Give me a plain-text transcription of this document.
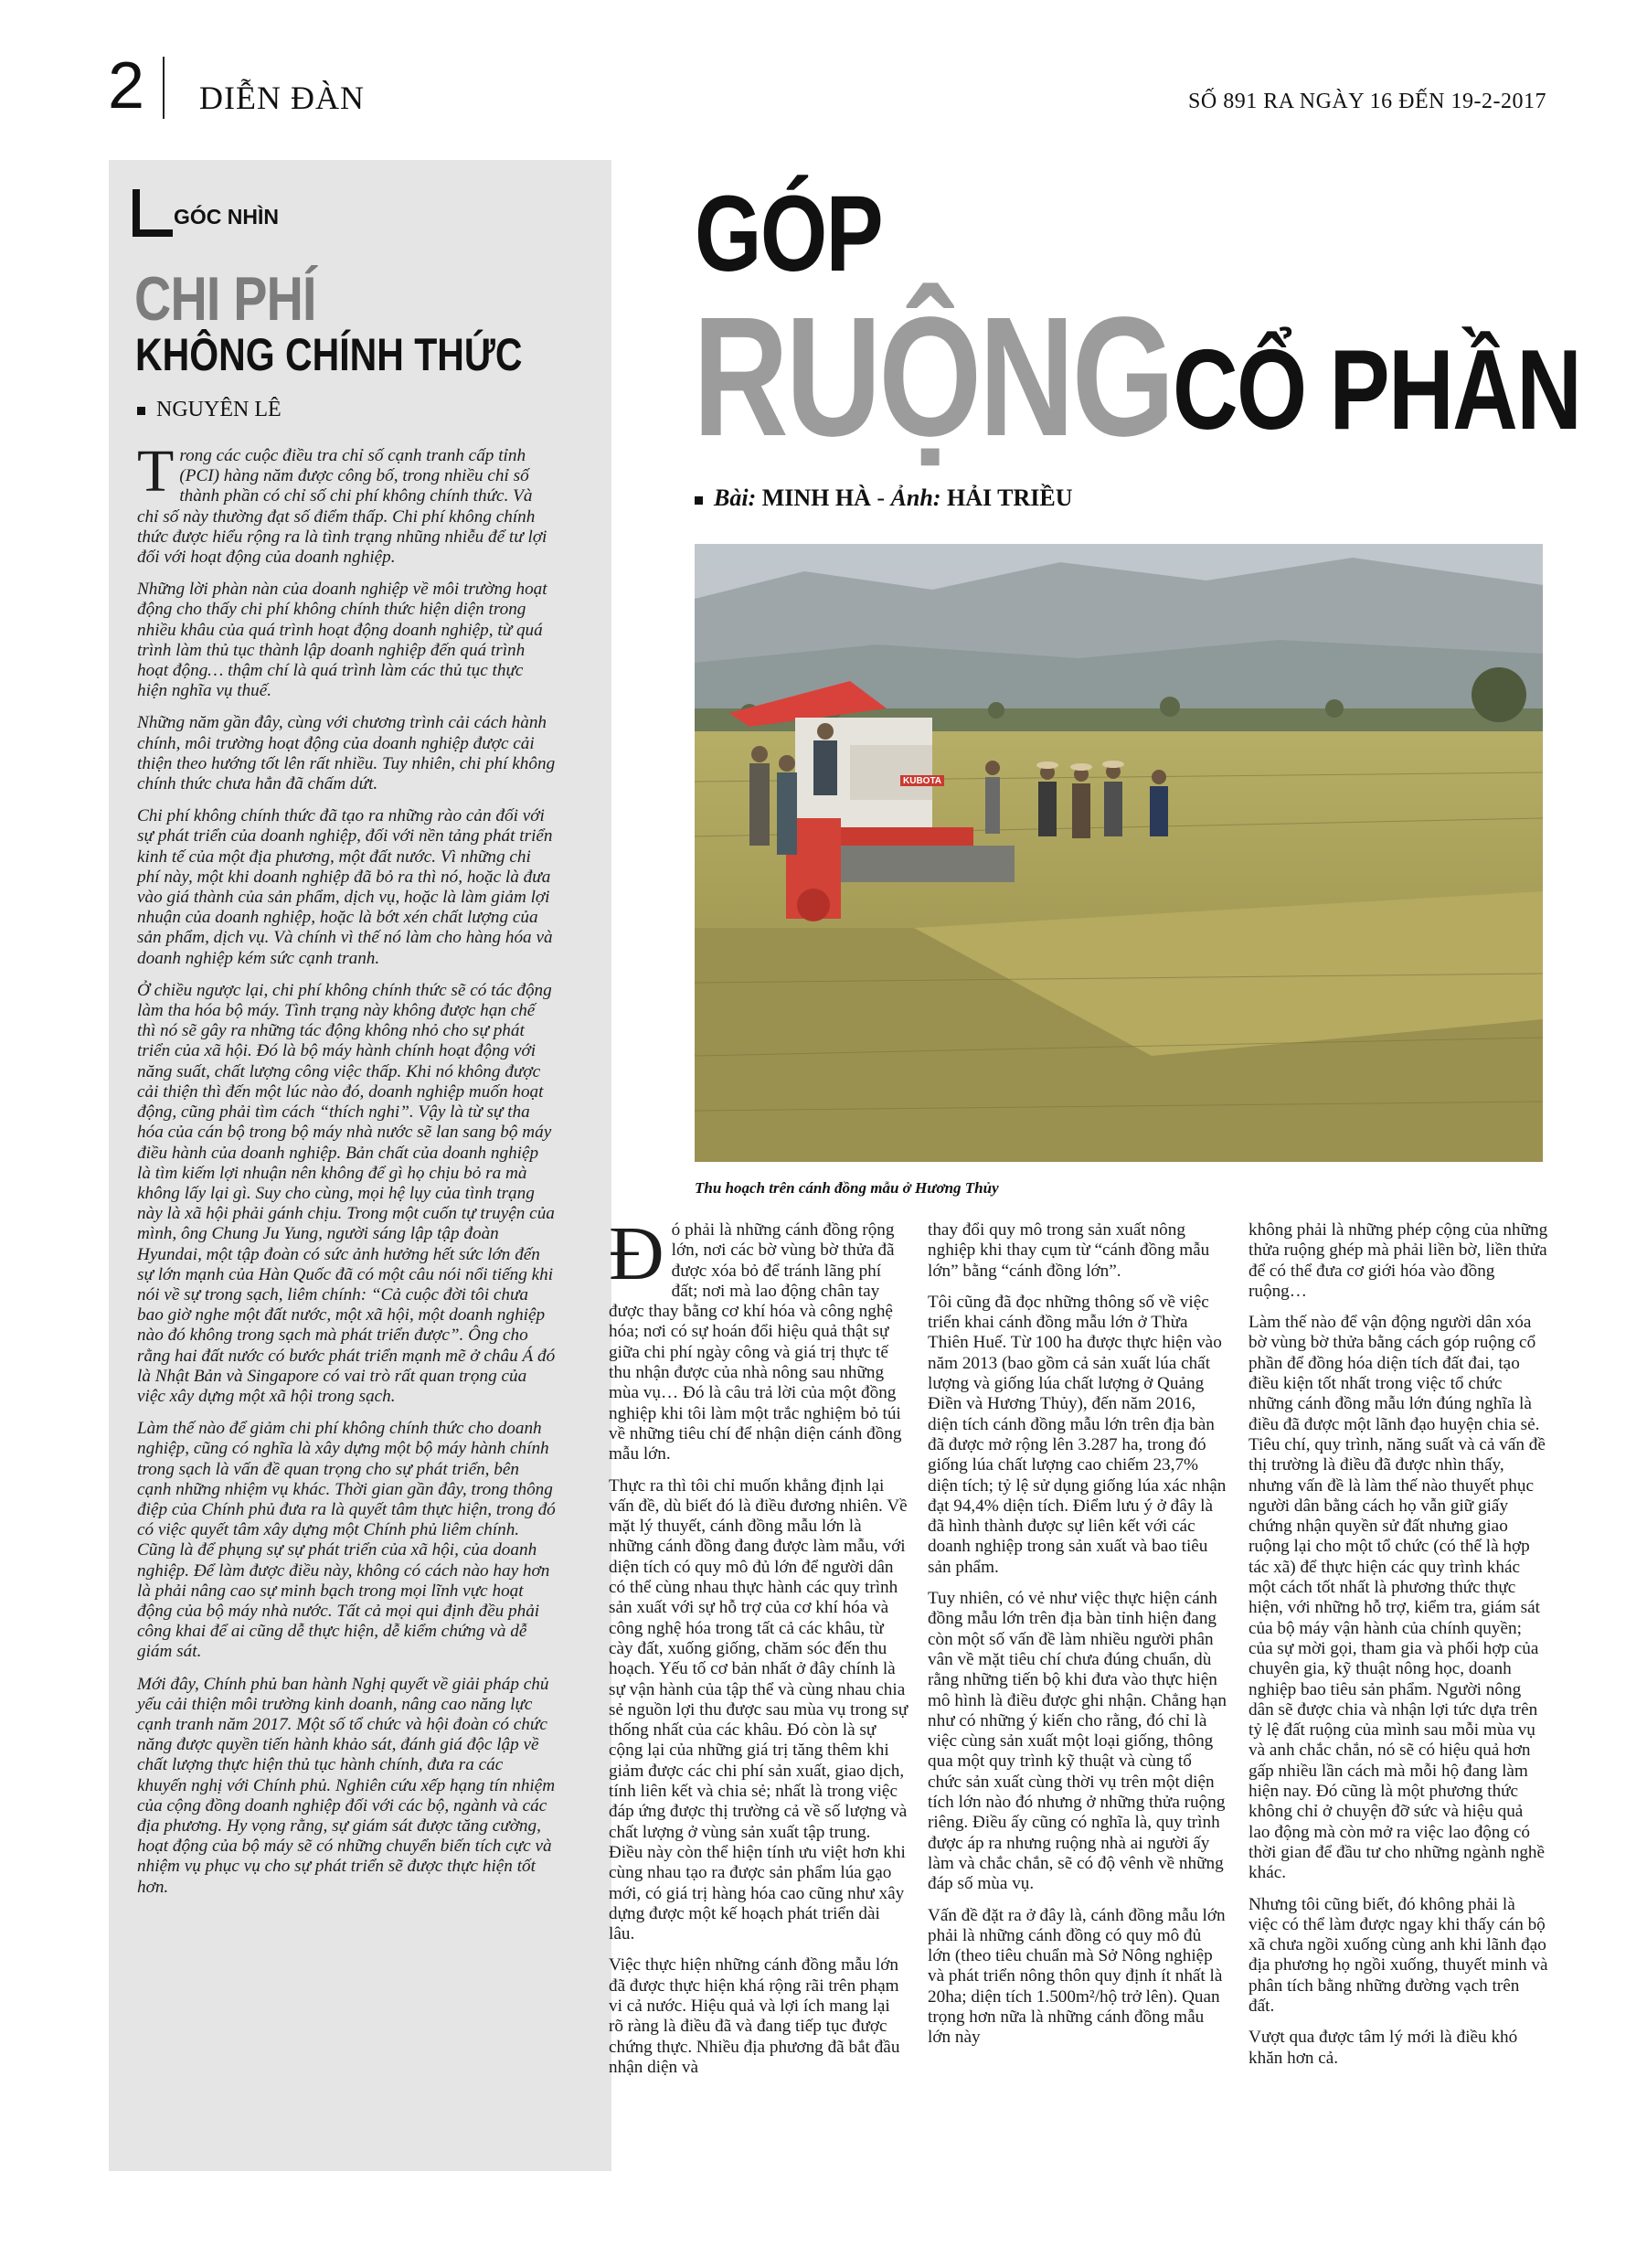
2 DIỄN ĐÀN	SỐ 891 RA NGÀY 16 ĐẾN 19-2-2017
GÓC NHÌN
CHI PHÍ
KHÔNG CHÍNH THỨC
NGUYÊN LÊ

Trong các cuộc điều tra chỉ số cạnh tranh cấp tỉnh (PCI) hàng năm được công bố, trong nhiều chỉ số thành phần có chỉ số chi phí không chính thức. Và chỉ số này thường đạt số điểm thấp. Chi phí không chính thức được hiểu rộng ra là tình trạng nhũng nhiễu để tư lợi đối với hoạt động của doanh nghiệp.

Những lời phàn nàn của doanh nghiệp về môi trường hoạt động cho thấy chi phí không chính thức hiện diện trong nhiều khâu của quá trình hoạt động doanh nghiệp, từ quá trình làm thủ tục thành lập doanh nghiệp đến quá trình hoạt động… thậm chí là quá trình làm các thủ tục thực hiện nghĩa vụ thuế.

Những năm gần đây, cùng với chương trình cải cách hành chính, môi trường hoạt động của doanh nghiệp được cải thiện theo hướng tốt lên rất nhiều. Tuy nhiên, chi phí không chính thức chưa hẳn đã chấm dứt.

Chi phí không chính thức đã tạo ra những rào cản đối với sự phát triển của doanh nghiệp, đối với nền tảng phát triển kinh tế của một địa phương, một đất nước. Vì những chi phí này, một khi doanh nghiệp đã bỏ ra thì nó, hoặc là đưa vào giá thành của sản phẩm, dịch vụ, hoặc là làm giảm lợi nhuận của doanh nghiệp, hoặc là bớt xén chất lượng của sản phẩm, dịch vụ. Và chính vì thế nó làm cho hàng hóa và doanh nghiệp kém sức cạnh tranh.

Ở chiều ngược lại, chi phí không chính thức sẽ có tác động làm tha hóa bộ máy. Tình trạng này không được hạn chế thì nó sẽ gây ra những tác động không nhỏ cho sự phát triển của xã hội. Đó là bộ máy hành chính hoạt động với năng suất, chất lượng công việc thấp. Khi nó không được cải thiện thì đến một lúc nào đó, doanh nghiệp muốn hoạt động, cũng phải tìm cách “thích nghi”. Vậy là từ sự tha hóa của cán bộ trong bộ máy nhà nước sẽ lan sang bộ máy điều hành của doanh nghiệp. Bản chất của doanh nghiệp là tìm kiếm lợi nhuận nên không để gì họ chịu bỏ ra mà không lấy lại gì. Suy cho cùng, mọi hệ lụy của tình trạng này là xã hội phải gánh chịu. Trong một cuốn tự truyện của mình, ông Chung Ju Yung, người sáng lập tập đoàn Hyundai, một tập đoàn có sức ảnh hưởng hết sức lớn đến sự lớn mạnh của Hàn Quốc đã có một câu nói nổi tiếng khi nói về sự trong sạch, liêm chính: “Cả cuộc đời tôi chưa bao giờ nghe một đất nước, một xã hội, một doanh nghiệp nào đó không trong sạch mà phát triển được”. Ông cho rằng hai đất nước có bước phát triển mạnh mẽ ở châu Á đó là Nhật Bản và Singapore có vai trò rất quan trọng của việc xây dựng một xã hội trong sạch.

Làm thế nào để giảm chi phí không chính thức cho doanh nghiệp, cũng có nghĩa là xây dựng một bộ máy hành chính trong sạch là vấn đề quan trọng cho sự phát triển, bên cạnh những nhiệm vụ khác. Thời gian gần đây, trong thông điệp của Chính phủ đưa ra là quyết tâm thực hiện, trong đó có việc quyết tâm xây dựng một Chính phủ liêm chính. Cũng là để phụng sự sự phát triển của xã hội, của doanh nghiệp. Để làm được điều này, không có cách nào hay hơn là phải nâng cao sự minh bạch trong mọi lĩnh vực hoạt động của bộ máy nhà nước. Tất cả mọi qui định đều phải công khai để ai cũng dễ thực hiện, dễ kiểm chứng và dễ giám sát.

Mới đây, Chính phủ ban hành Nghị quyết về giải pháp chủ yếu cải thiện môi trường kinh doanh, nâng cao năng lực cạnh tranh năm 2017. Một số tổ chức và hội đoàn có chức năng được quyền tiến hành khảo sát, đánh giá độc lập về chất lượng thực hiện thủ tục hành chính, đưa ra các khuyến nghị với Chính phủ. Nghiên cứu xếp hạng tín nhiệm của cộng đồng doanh nghiệp đối với các bộ, ngành và các địa phương. Hy vọng rằng, sự giám sát được tăng cường, hoạt động của bộ máy sẽ có những chuyển biến tích cực và nhiệm vụ phục vụ cho sự phát triển sẽ được thực hiện tốt hơn.

GÓP
RUỘNG CỔ PHẦN
Bài: MINH HÀ - Ảnh: HẢI TRIỀU
KUBOTA
Thu hoạch trên cánh đồng mẫu ở Hương Thủy

Đó phải là những cánh đồng rộng lớn, nơi các bờ vùng bờ thửa đã được xóa bỏ để tránh lãng phí đất; nơi mà lao động chân tay được thay bằng cơ khí hóa và công nghệ hóa; nơi có sự hoán đổi hiệu quả thật sự giữa chi phí ngày công và giá trị thực tế thu nhận được của nhà nông sau những mùa vụ… Đó là câu trả lời của một đồng nghiệp khi tôi làm một trắc nghiệm bỏ túi về những tiêu chí để nhận diện cánh đồng mẫu lớn.

Thực ra thì tôi chỉ muốn khẳng định lại vấn đề, dù biết đó là điều đương nhiên. Về mặt lý thuyết, cánh đồng mẫu lớn là những cánh đồng đang được làm mẫu, với diện tích có quy mô đủ lớn để người dân có thể cùng nhau thực hành các quy trình sản xuất với sự hỗ trợ của cơ khí hóa và công nghệ hóa trong tất cả các khâu, từ cày đất, xuống giống, chăm sóc đến thu hoạch. Yếu tố cơ bản nhất ở đây chính là sự vận hành của tập thể và cùng nhau chia sẻ nguồn lợi thu được sau mùa vụ trong sự thống nhất của các khâu. Đó còn là sự cộng lại của những giá trị tăng thêm khi giảm được các chi phí sản xuất, giao dịch, tính liên kết và chia sẻ; nhất là trong việc đáp ứng được thị trường cả về số lượng và chất lượng ở vùng sản xuất tập trung. Điều này còn thể hiện tính ưu việt hơn khi cùng nhau tạo ra được sản phẩm lúa gạo mới, có giá trị hàng hóa cao cũng như xây dựng được một kế hoạch phát triển dài lâu.

Việc thực hiện những cánh đồng mẫu lớn đã được thực hiện khá rộng rãi trên phạm vi cả nước. Hiệu quả và lợi ích mang lại rõ ràng là điều đã và đang tiếp tục được chứng thực. Nhiều địa phương đã bắt đầu nhận diện và

thay đổi quy mô trong sản xuất nông nghiệp khi thay cụm từ “cánh đồng mẫu lớn” bằng “cánh đồng lớn”.

Tôi cũng đã đọc những thông số về việc triển khai cánh đồng mẫu lớn ở Thừa Thiên Huế. Từ 100 ha được thực hiện vào năm 2013 (bao gồm cả sản xuất lúa chất lượng và giống lúa chất lượng ở Quảng Điền và Hương Thủy), đến năm 2016, diện tích cánh đồng mẫu lớn trên địa bàn đã được mở rộng lên 3.287 ha, trong đó giống lúa chất lượng cao chiếm 23,7% diện tích; tỷ lệ sử dụng giống lúa xác nhận đạt 94,4% diện tích. Điểm lưu ý ở đây là đã hình thành được sự liên kết với các doanh nghiệp trong sản xuất và bao tiêu sản phẩm.

Tuy nhiên, có vẻ như việc thực hiện cánh đồng mẫu lớn trên địa bàn tỉnh hiện đang còn một số vấn đề làm nhiều người phân vân về mặt tiêu chí chưa đúng chuẩn, dù rằng những tiến bộ khi đưa vào thực hiện mô hình là điều được ghi nhận. Chẳng hạn như có những ý kiến cho rằng, đó chỉ là việc cùng sản xuất một loại giống, thông qua một quy trình kỹ thuật và cùng tổ chức sản xuất cùng thời vụ trên một diện tích lớn nào đó nhưng ở những thửa ruộng riêng. Điều ấy cũng có nghĩa là, quy trình được áp ra nhưng ruộng nhà ai người ấy làm và chắc chắn, sẽ có độ vênh về những đáp số mùa vụ.

Vấn đề đặt ra ở đây là, cánh đồng mẫu lớn phải là những cánh đồng có quy mô đủ lớn (theo tiêu chuẩn mà Sở Nông nghiệp và phát triển nông thôn quy định ít nhất là 20ha; diện tích 1.500m²/hộ trở lên). Quan trọng hơn nữa là những cánh đồng mẫu lớn này

không phải là những phép cộng của những thửa ruộng ghép mà phải liền bờ, liền thửa để có thể đưa cơ giới hóa vào đồng ruộng…

Làm thế nào để vận động người dân xóa bờ vùng bờ thửa bằng cách góp ruộng cổ phần để đồng hóa diện tích đất đai, tạo điều kiện tốt nhất trong việc tổ chức những cánh đồng mẫu lớn đúng nghĩa là điều đã được một lãnh đạo huyện chia sẻ. Tiêu chí, quy trình, năng suất và cả vấn đề thị trường là điều đã được nhìn thấy, nhưng vấn đề là làm thế nào thuyết phục người dân bằng cách họ vẫn giữ giấy chứng nhận quyền sử đất nhưng giao ruộng lại cho một tổ chức (có thể là hợp tác xã) để thực hiện các quy trình khác một cách tốt nhất là phương thức thực hiện, với những hỗ trợ, kiểm tra, giám sát của bộ máy vận hành của chính quyền; của sự mời gọi, tham gia và phối hợp của chuyên gia, kỹ thuật nông học, doanh nghiệp bao tiêu sản phẩm. Người nông dân sẽ được chia và nhận lợi tức dựa trên tỷ lệ đất ruộng của mình sau mỗi mùa vụ và anh chắc chắn, nó sẽ có hiệu quả hơn gấp nhiều lần cách mà mỗi hộ đang làm hiện nay. Đó cũng là một phương thức không chỉ ở chuyện đỡ sức và hiệu quả lao động mà còn mở ra việc lao động có thời gian để đầu tư cho những ngành nghề khác.

Nhưng tôi cũng biết, đó không phải là việc có thể làm được ngay khi thấy cán bộ xã chưa ngồi xuống cùng anh khi lãnh đạo địa phương họ ngồi xuống, thuyết minh và phân tích bằng những đường vạch trên đất.

Vượt qua được tâm lý mới là điều khó khăn hơn cả.
